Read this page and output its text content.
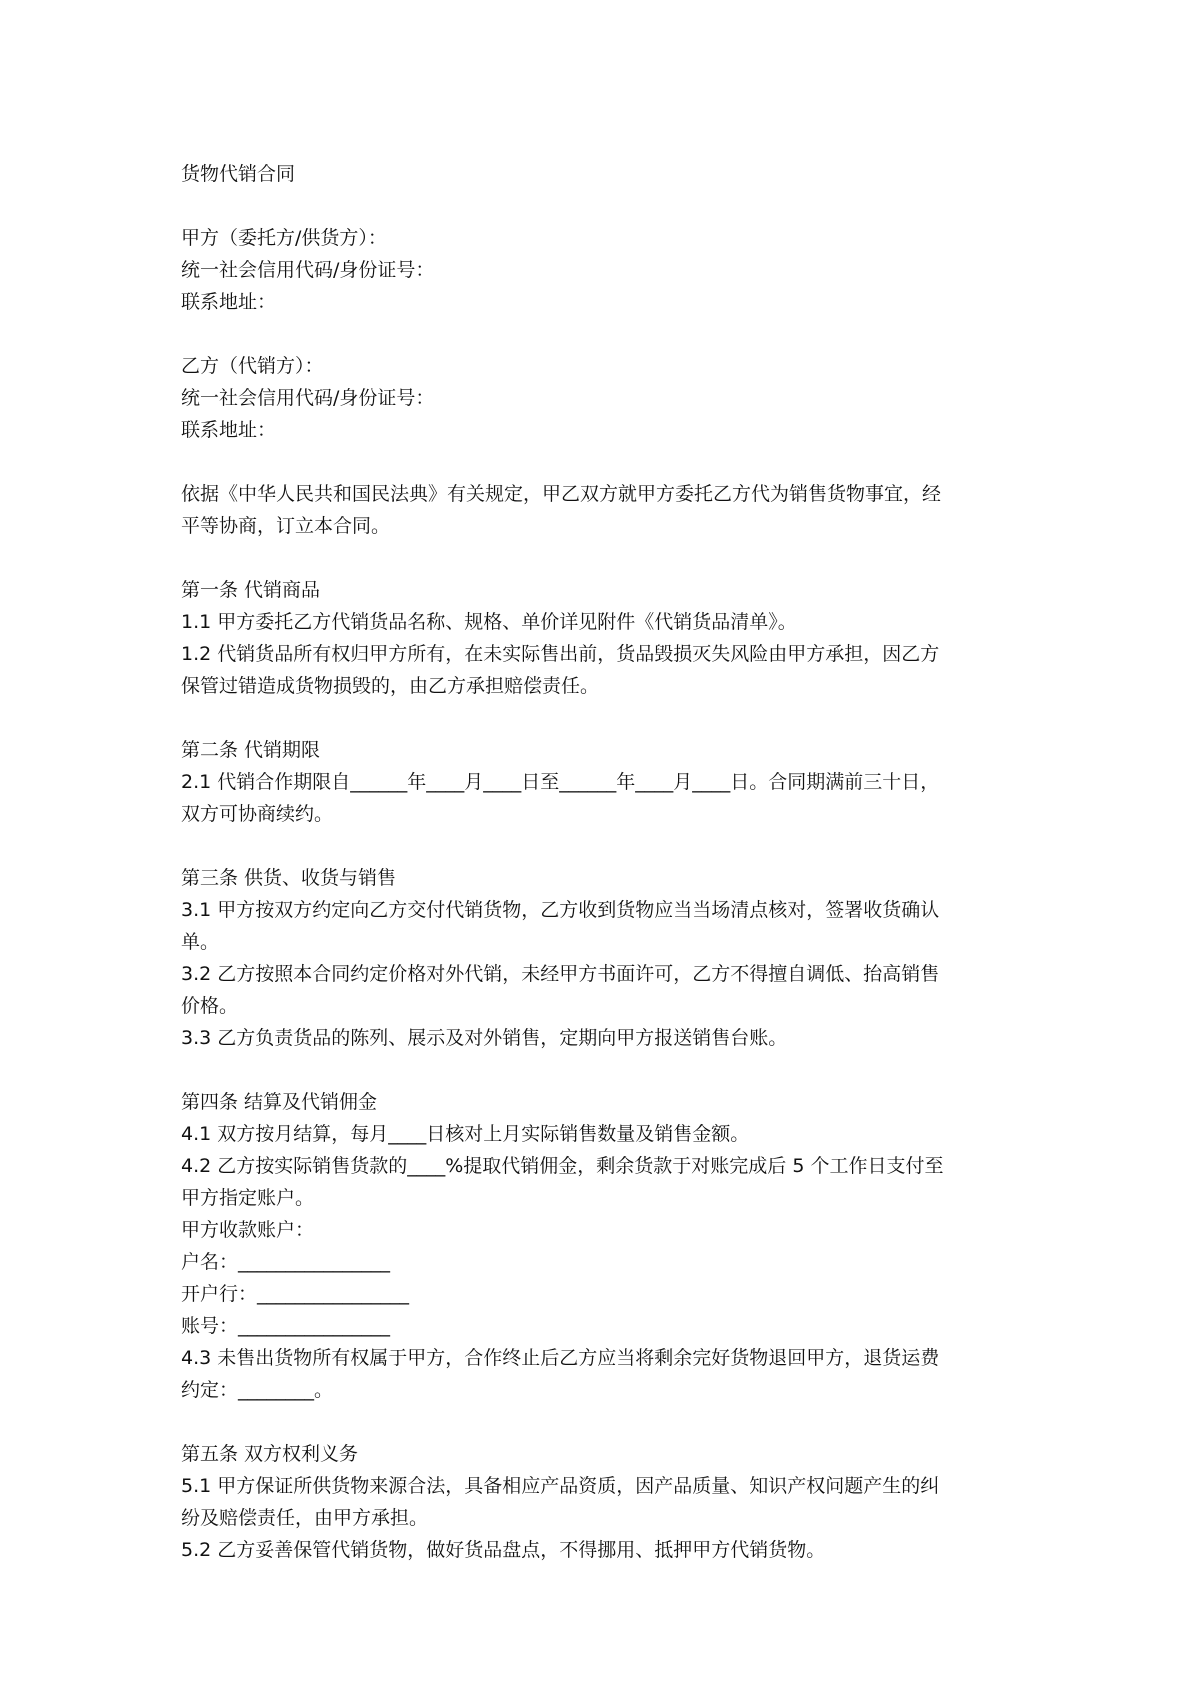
货物代销合同
甲方（委托方/供货方）：
统一社会信用代码/身份证号：
联系地址：
乙方（代销方）：
统一社会信用代码/身份证号：
联系地址：
依据《中华人民共和国民法典》有关规定，甲乙双方就甲方委托乙方代为销售货物事宜，经
平等协商，订立本合同。
第一条 代销商品
1.1 甲方委托乙方代销货品名称、规格、单价详见附件《代销货品清单》。
1.2 代销货品所有权归甲方所有，在未实际售出前，货品毁损灭失风险由甲方承担，因乙方
保管过错造成货物损毁的，由乙方承担赔偿责任。
第二条 代销期限
2.1 代销合作期限自______年____月____日至______年____月____日。合同期满前三十日，
双方可协商续约。
第三条 供货、收货与销售
3.1 甲方按双方约定向乙方交付代销货物，乙方收到货物应当当场清点核对，签署收货确认
单。
3.2 乙方按照本合同约定价格对外代销，未经甲方书面许可，乙方不得擅自调低、抬高销售
价格。
3.3 乙方负责货品的陈列、展示及对外销售，定期向甲方报送销售台账。
第四条 结算及代销佣金
4.1 双方按月结算，每月____日核对上月实际销售数量及销售金额。
4.2 乙方按实际销售货款的____%提取代销佣金，剩余货款于对账完成后 5 个工作日支付至
甲方指定账户。
甲方收款账户：
户名：________________
开户行：________________
账号：________________
4.3 未售出货物所有权属于甲方，合作终止后乙方应当将剩余完好货物退回甲方，退货运费
约定：________。
第五条 双方权利义务
5.1 甲方保证所供货物来源合法，具备相应产品资质，因产品质量、知识产权问题产生的纠
纷及赔偿责任，由甲方承担。
5.2 乙方妥善保管代销货物，做好货品盘点，不得挪用、抵押甲方代销货物。
